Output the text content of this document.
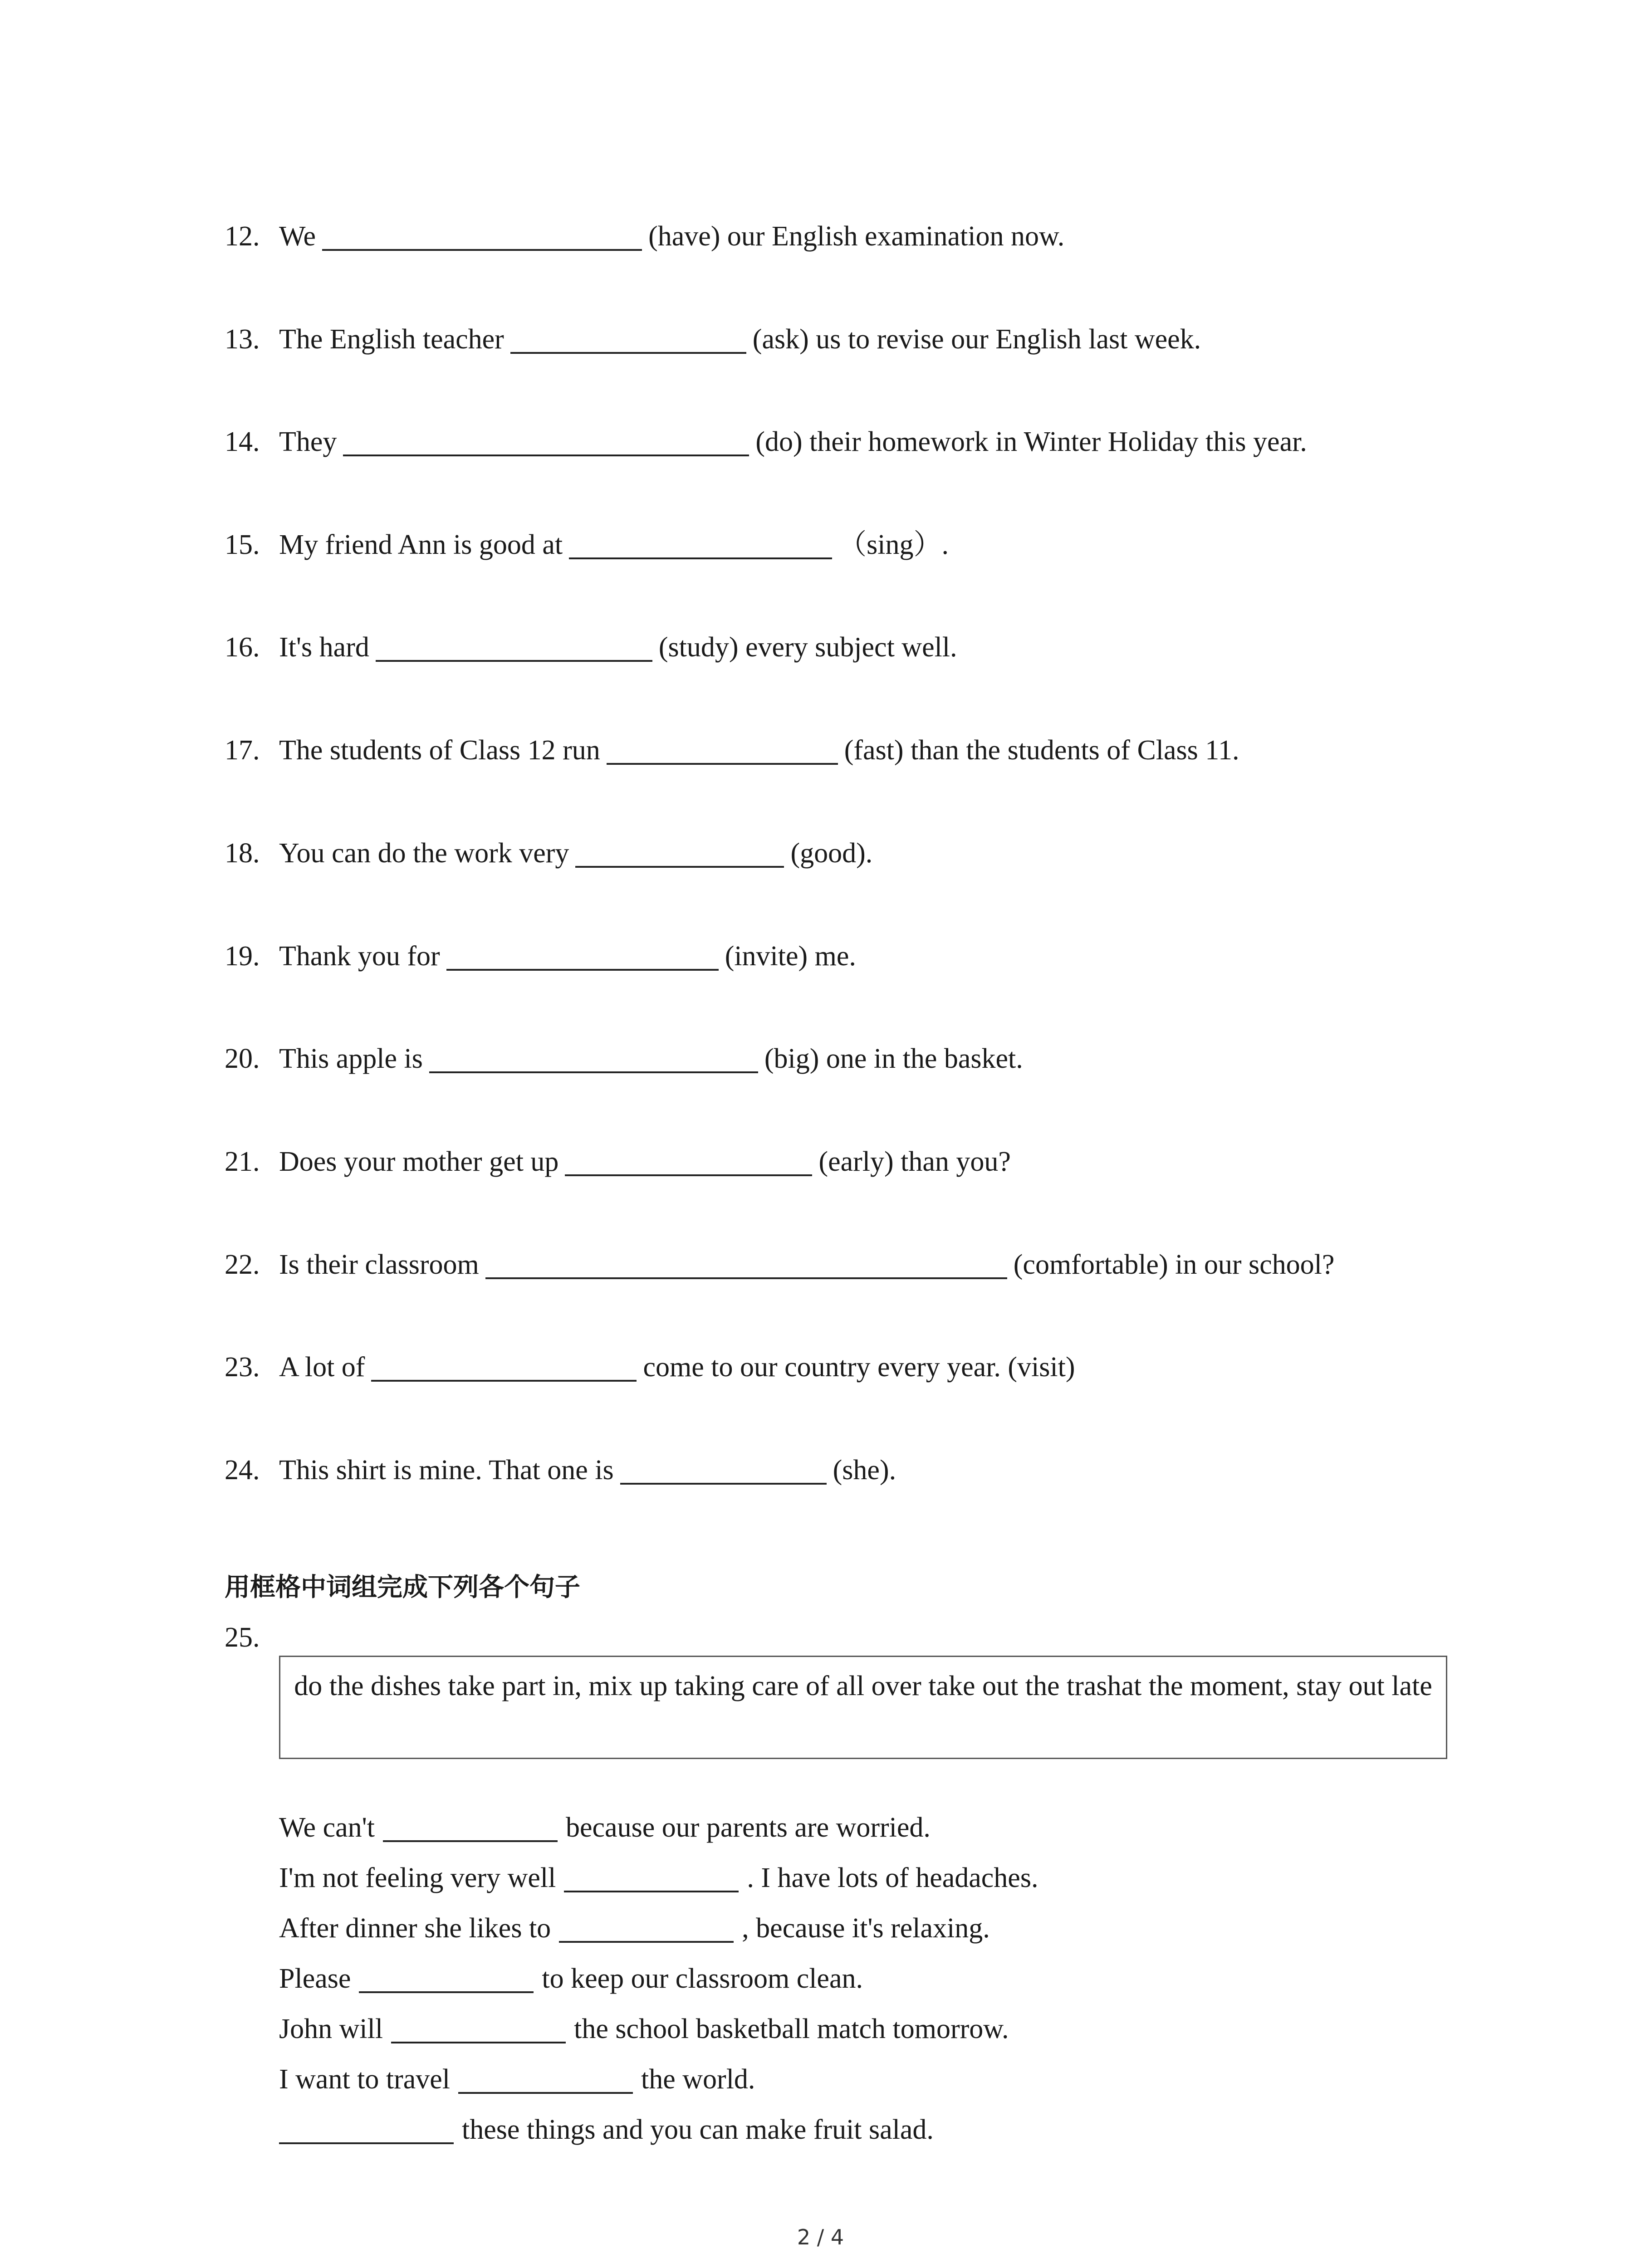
12. We	(have) our English examination now.
13. The English teacher	(ask) us to revise our English last week.
14. They	(do) their homework in Winter Holiday this year.
15. My friend Ann is good at	（sing）.
16. It's hard	(study) every subject well.
17. The students of Class 12 run	(fast) than the students of Class 11.
18. You can do the work very	(good).
19. Thank you for	(invite) me.
20. This apple is	(big) one in the basket.
21. Does your mother get up	(early) than you?
22. Is their classroom	(comfortable) in our school?
23. A lot of	come to our country every year. (visit)
24. This shirt is mine. That one is	(she).
用框格中词组完成下列各个句子
25.
do the dishes take part in, mix up taking care of all over take out the trashat the moment, stay out late
We can't	because our parents are worried.
I'm not feeling very well	. I have lots of headaches.
After dinner she likes to	, because it's relaxing.
Please	to keep our classroom clean.
John will	the school basketball match tomorrow.
I want to travel	the world.
these things and you can make fruit salad.
2 / 4
